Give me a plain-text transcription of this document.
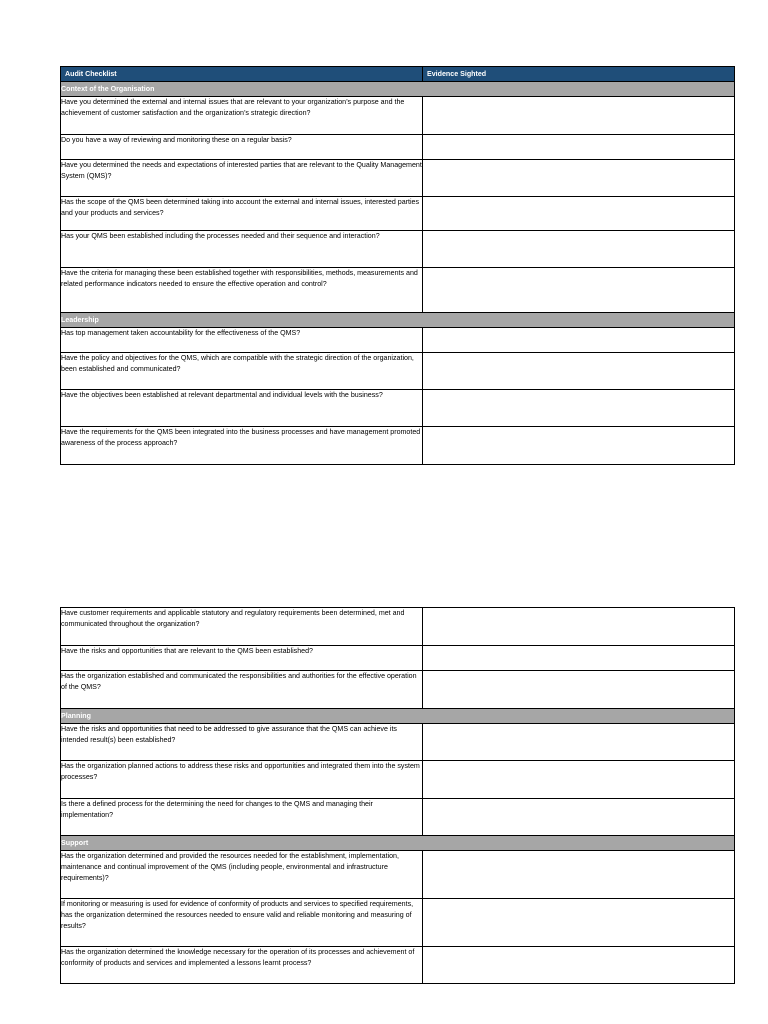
Audit Checklist	Evidence Sighted
Context of the Organisation	
Have you determined the external and internal issues that are relevant to your organization’s purpose and the achievement of customer satisfaction and the organization’s strategic direction?	
Do you have a way of reviewing and monitoring these on a regular basis?	
Have you determined the needs and expectations of interested parties that are relevant to the Quality Management System (QMS)?	
Has the scope of the QMS been determined taking into account the external and internal issues, interested parties and your products and services?	
Has your QMS been established including the processes needed and their sequence and interaction?	
Have the criteria for managing these been established together with responsibilities, methods, measurements and related performance indicators needed to ensure the effective operation and control?	
Leadership	
Has top management taken accountability for the effectiveness of the QMS?	
Have the policy and objectives for the QMS, which are compatible with the strategic direction of the organization, been established and communicated?	
Have the objectives been established at relevant departmental and individual levels with the business?	
Have the requirements for the QMS been integrated into the business processes and have management promoted awareness of the process approach?	
Have customer requirements and applicable statutory and regulatory requirements been determined, met and communicated throughout the organization?	
Have the risks and opportunities that are relevant to the QMS been established?	
Has the organization established and communicated the responsibilities and authorities for the effective operation of the QMS?	
Planning	
Have the risks and opportunities that need to be addressed to give assurance that the QMS can achieve its intended result(s) been established?	
Has the organization planned actions to address these risks and opportunities and integrated them into the system processes?	
Is there a defined process for the determining the need for changes to the QMS and managing their implementation?	
Support	
Has the organization determined and provided the resources needed for the establishment, implementation, maintenance and continual improvement of the QMS (including people, environmental and infrastructure requirements)?	
If monitoring or measuring is used for evidence of conformity of products and services to specified requirements, has the organization determined the resources needed to ensure valid and reliable monitoring and measuring of results?	
Has the organization determined the knowledge necessary for the operation of its processes and achievement of conformity of products and services and implemented a lessons learnt process?	
